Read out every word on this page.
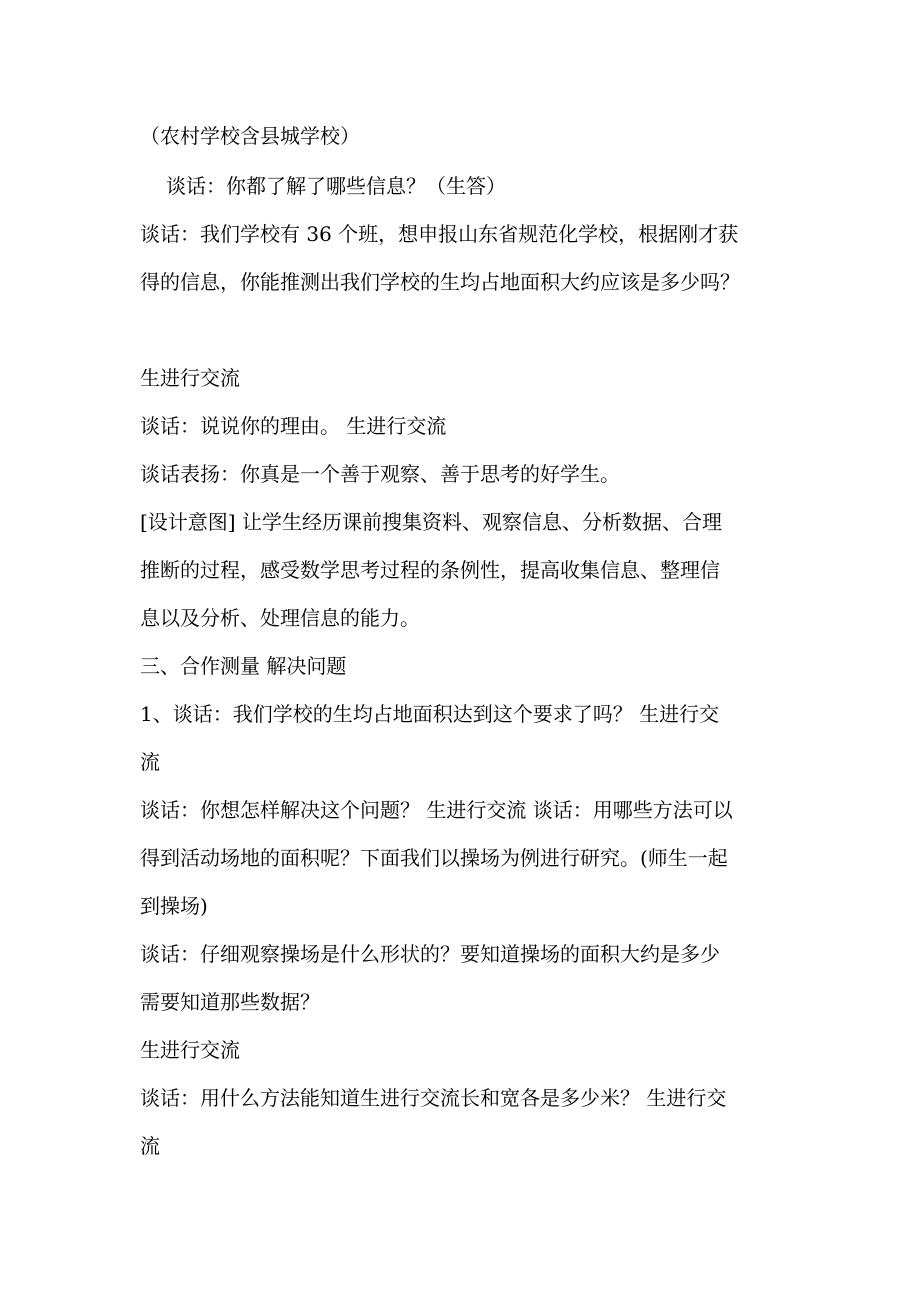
（农村学校含县城学校）
谈话：你都了解了哪些信息？（生答）
谈话：我们学校有 36 个班，想申报山东省规范化学校，根据刚才获
得的信息，你能推测出我们学校的生均占地面积大约应该是多少吗？
生进行交流
谈话：说说你的理由。 生进行交流
谈话表扬：你真是一个善于观察、善于思考的好学生。
[设计意图] 让学生经历课前搜集资料、观察信息、分析数据、合理
推断的过程，感受数学思考过程的条例性，提高收集信息、整理信
息以及分析、处理信息的能力。
三、合作测量 解决问题
1、谈话：我们学校的生均占地面积达到这个要求了吗？ 生进行交
流
谈话：你想怎样解决这个问题？ 生进行交流 谈话：用哪些方法可以
得到活动场地的面积呢？下面我们以操场为例进行研究。(师生一起
到操场)
谈话：仔细观察操场是什么形状的？要知道操场的面积大约是多少
需要知道那些数据？
生进行交流
谈话：用什么方法能知道生进行交流长和宽各是多少米？ 生进行交
流
